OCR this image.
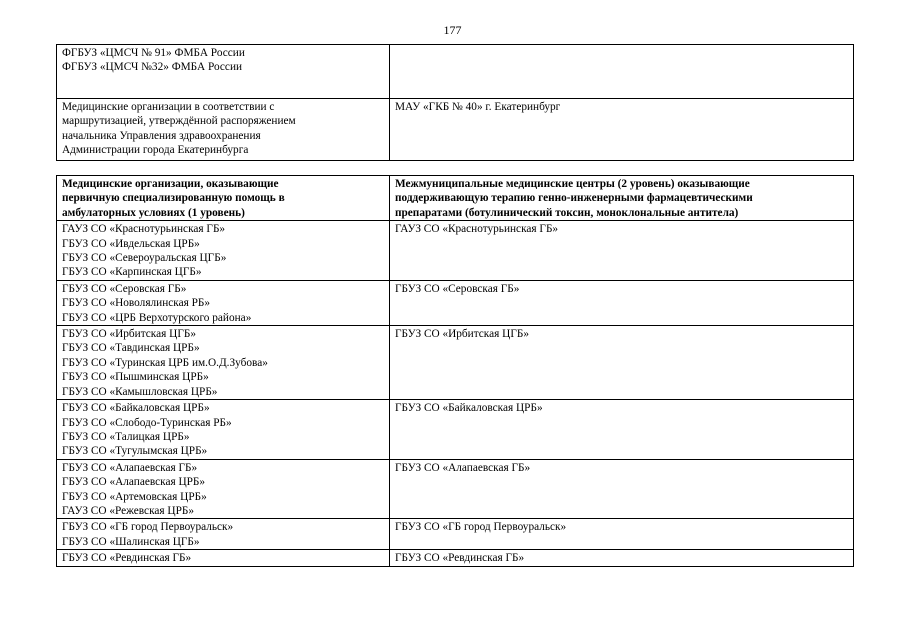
177
ФГБУЗ «ЦМСЧ № 91» ФМБА России
ФГБУЗ «ЦМСЧ №32» ФМБА России	

Медицинские организации в соответствии с
маршрутизацией, утверждённой распоряжением
начальника Управления здравоохранения
Администрации города Екатеринбурга	МАУ «ГКБ № 40» г. Екатеринбург
Медицинские организации, оказывающие
первичную специализированную помощь в
амбулаторных условиях (1 уровень)	Межмуниципальные медицинские центры (2 уровень) оказывающие
поддерживающую терапию генно-инженерными фармацевтическими
препаратами (ботулинический токсин, моноклональные антитела)

ГАУЗ СО «Краснотурьинская ГБ»
ГБУЗ СО «Ивдельская ЦРБ»
ГБУЗ СО «Североуральская ЦГБ»
ГБУЗ СО «Карпинская ЦГБ»	ГАУЗ СО «Краснотурьинская ГБ»

ГБУЗ СО «Серовская ГБ»
ГБУЗ СО «Новолялинская РБ»
ГБУЗ СО «ЦРБ Верхотурского района»	ГБУЗ СО «Серовская ГБ»

ГБУЗ СО «Ирбитская ЦГБ»
ГБУЗ СО «Тавдинская ЦРБ»
ГБУЗ СО «Туринская ЦРБ им.О.Д.Зубова»
ГБУЗ СО «Пышминская ЦРБ»
ГБУЗ СО «Камышловская ЦРБ»	ГБУЗ СО «Ирбитская ЦГБ»

ГБУЗ СО «Байкаловская ЦРБ»
ГБУЗ СО «Слободо-Туринская РБ»
ГБУЗ СО «Талицкая ЦРБ»
ГБУЗ СО «Тугулымская ЦРБ»	ГБУЗ СО «Байкаловская ЦРБ»

ГБУЗ СО «Алапаевская ГБ»
ГБУЗ СО «Алапаевская ЦРБ»
ГБУЗ СО «Артемовская ЦРБ»
ГАУЗ СО «Режевская ЦРБ»	ГБУЗ СО «Алапаевская ГБ»

ГБУЗ СО «ГБ город Первоуральск»
ГБУЗ СО «Шалинская ЦГБ»	ГБУЗ СО «ГБ город Первоуральск»

ГБУЗ СО «Ревдинская ГБ»	ГБУЗ СО «Ревдинская ГБ»
